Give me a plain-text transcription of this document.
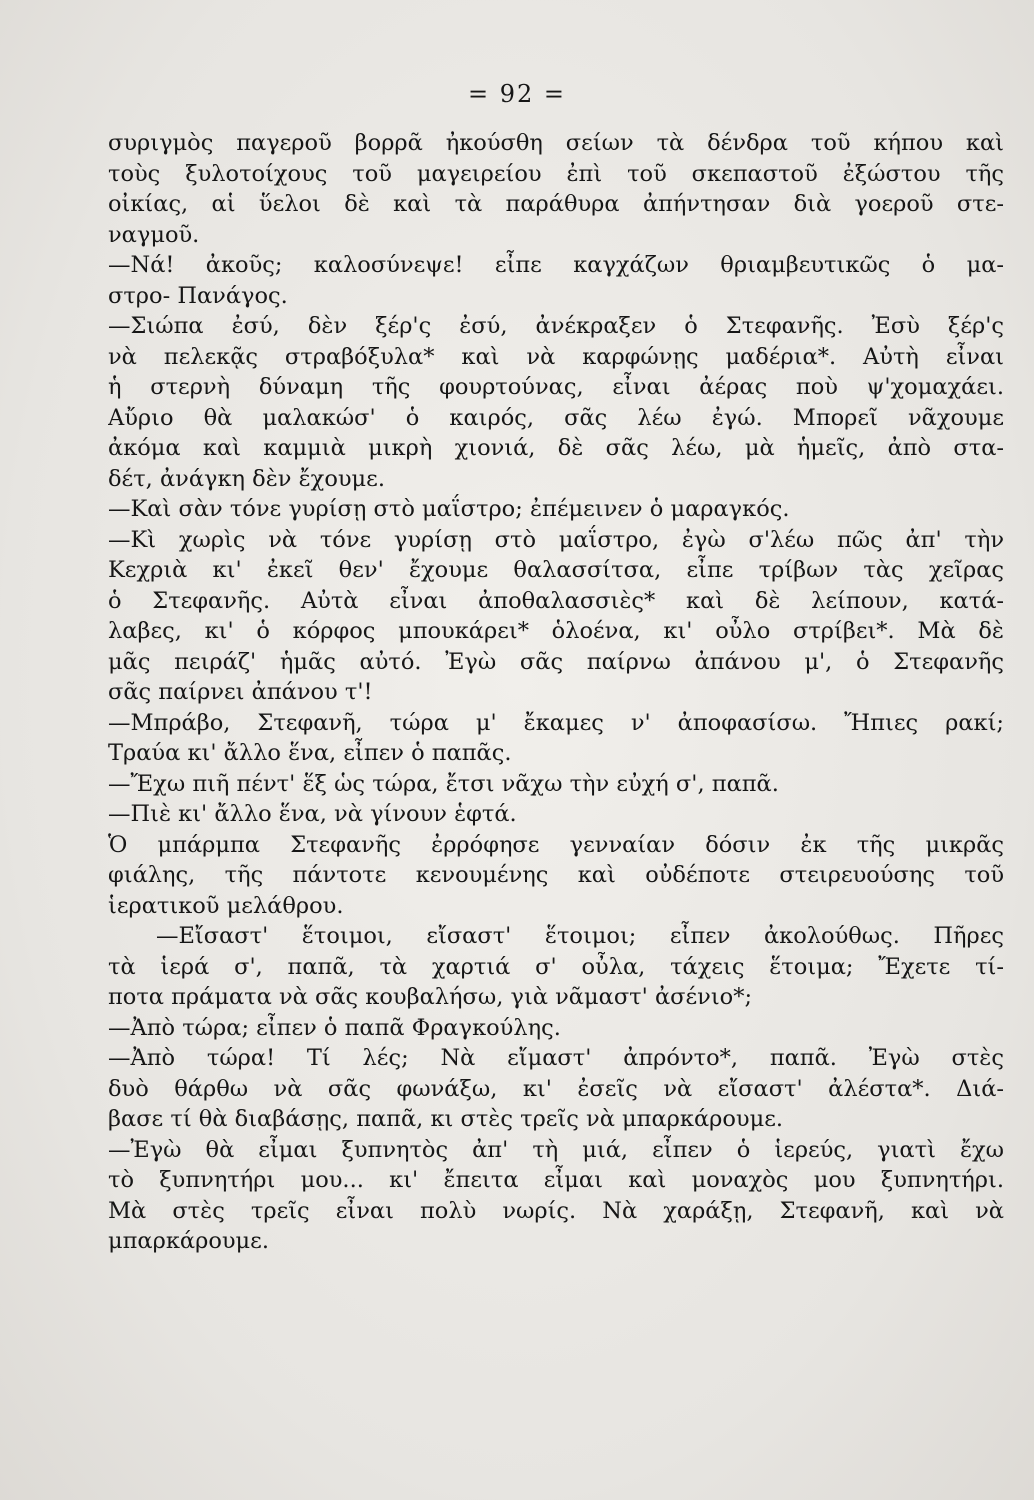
= 92 =
συριγμὸς παγεροῦ βορρᾶ ἠκούσθη σείων τὰ δένδρα τοῦ κήπου καὶ
τοὺς ξυλοτοίχους τοῦ μαγειρείου ἐπὶ τοῦ σκεπαστοῦ ἐξώστου τῆς
οἰκίας, αἱ ὕελοι δὲ καὶ τὰ παράθυρα ἀπήντησαν διὰ γοεροῦ στε-
ναγμοῦ.
—Νά! ἀκοῦς; καλοσύνεψε! εἶπε καγχάζων θριαμβευτικῶς ὁ μα-
στρο- Πανάγος.
—Σιώπα ἐσύ, δὲν ξέρ'ς ἐσύ, ἀνέκραξεν ὁ Στεφανῆς. Ἐσὺ ξέρ'ς
νὰ πελεκᾷς στραβόξυλα* καὶ νὰ καρφώνῃς μαδέρια*. Αὐτὴ εἶναι
ἡ στερνὴ δύναμη τῆς φουρτούνας, εἶναι ἀέρας ποὺ ψ'χομαχάει.
Αὔριο θὰ μαλακώσ' ὁ καιρός, σᾶς λέω ἐγώ. Μπορεῖ νᾶχουμε
ἀκόμα καὶ καμμιὰ μικρὴ χιονιά, δὲ σᾶς λέω, μὰ ἡμεῖς, ἀπὸ στα-
δέτ, ἀνάγκη δὲν ἔχουμε.
—Καὶ σὰν τόνε γυρίσῃ στὸ μαΐστρο; ἐπέμεινεν ὁ μαραγκός.
—Κὶ χωρὶς νὰ τόνε γυρίσῃ στὸ μαΐστρο, ἐγὼ σ'λέω πῶς ἀπ' τὴν
Κεχριὰ κι' ἐκεῖ θεν' ἔχουμε θαλασσίτσα, εἶπε τρίβων τὰς χεῖρας
ὁ Στεφανῆς. Αὐτὰ εἶναι ἀποθαλασσιὲς* καὶ δὲ λείπουν, κατά-
λαβες, κι' ὁ κόρφος μπουκάρει* ὁλοένα, κι' οὖλο στρίβει*. Μὰ δὲ
μᾶς πειράζ' ἡμᾶς αὐτό. Ἐγὼ σᾶς παίρνω ἀπάνου μ', ὁ Στεφανῆς
σᾶς παίρνει ἀπάνου τ'!
—Μπράβο, Στεφανῆ, τώρα μ' ἔκαμες ν' ἀποφασίσω. Ἤπιες ρακί;
Τραύα κι' ἄλλο ἕνα, εἶπεν ὁ παπᾶς.
—Ἔχω πιῆ πέντ' ἕξ ὡς τώρα, ἔτσι νᾶχω τὴν εὐχή σ', παπᾶ.
—Πιὲ κι' ἄλλο ἕνα, νὰ γίνουν ἑφτά.
Ὁ μπάρμπα Στεφανῆς ἐρρόφησε γενναίαν δόσιν ἐκ τῆς μικρᾶς
φιάλης, τῆς πάντοτε κενουμένης καὶ οὐδέποτε στειρευούσης τοῦ
ἱερατικοῦ μελάθρου.
—Εἴσαστ' ἕτοιμοι, εἴσαστ' ἕτοιμοι; εἶπεν ἀκολούθως. Πῆρες
τὰ ἱερά σ', παπᾶ, τὰ χαρτιά σ' οὖλα, τάχεις ἕτοιμα; Ἔχετε τί-
ποτα πράματα νὰ σᾶς κουβαλήσω, γιὰ νᾶμαστ' ἀσένιο*;
—Ἀπὸ τώρα; εἶπεν ὁ παπᾶ Φραγκούλης.
—Ἀπὸ τώρα! Τί λές; Νὰ εἴμαστ' ἀπρόντο*, παπᾶ. Ἐγὼ στὲς
δυὸ θάρθω νὰ σᾶς φωνάξω, κι' ἐσεῖς νὰ εἴσαστ' ἀλέστα*. Διά-
βασε τί θὰ διαβάσῃς, παπᾶ, κι στὲς τρεῖς νὰ μπαρκάρουμε.
—Ἐγὼ θὰ εἶμαι ξυπνητὸς ἀπ' τὴ μιά, εἶπεν ὁ ἱερεύς, γιατὶ ἔχω
τὸ ξυπνητήρι μου... κι' ἔπειτα εἶμαι καὶ μοναχὸς μου ξυπνητήρι.
Μὰ στὲς τρεῖς εἶναι πολὺ νωρίς. Νὰ χαράξῃ, Στεφανῆ, καὶ νὰ
μπαρκάρουμε.
